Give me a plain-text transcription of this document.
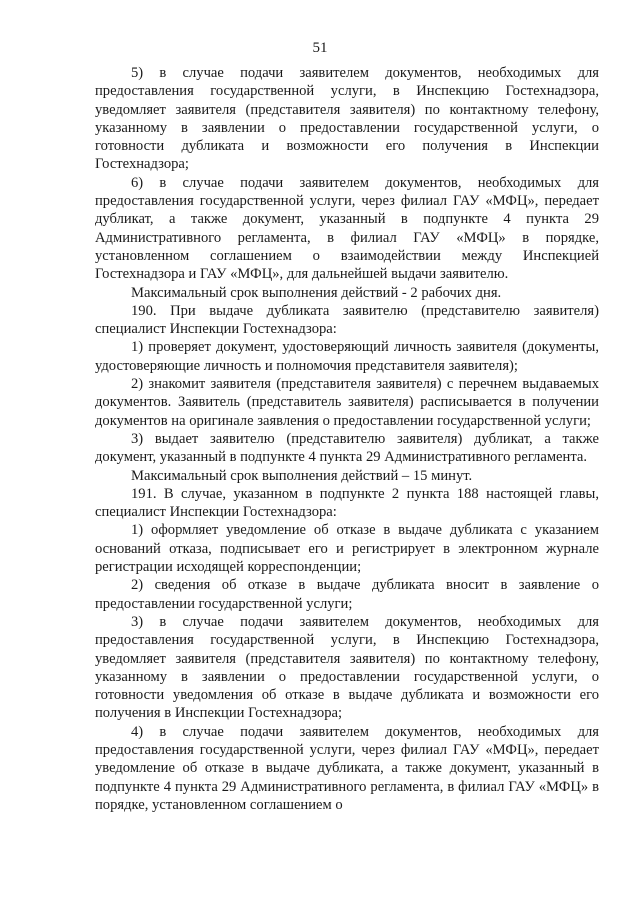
51

5) в случае подачи заявителем документов, необходимых для предоставления государственной услуги, в Инспекцию Гостехнадзора, уведомляет заявителя (представителя заявителя) по контактному телефону, указанному в заявлении о предоставлении государственной услуги, о готовности дубликата и возможности его получения в Инспекции Гостехнадзора;

6) в случае подачи заявителем документов, необходимых для предоставления государственной услуги, через филиал ГАУ «МФЦ», передает дубликат, а также документ, указанный в подпункте 4 пункта 29 Административного регламента, в филиал ГАУ «МФЦ» в порядке, установленном соглашением о взаимодействии между Инспекцией Гостехнадзора и ГАУ «МФЦ», для дальнейшей выдачи заявителю.

Максимальный срок выполнения действий - 2 рабочих дня.

190. При выдаче дубликата заявителю (представителю заявителя) специалист Инспекции Гостехнадзора:

1) проверяет документ, удостоверяющий личность заявителя (документы, удостоверяющие личность и полномочия представителя заявителя);

2) знакомит заявителя (представителя заявителя) с перечнем выдаваемых документов. Заявитель (представитель заявителя) расписывается в получении документов на оригинале заявления о предоставлении государственной услуги;

3) выдает заявителю (представителю заявителя) дубликат, а также документ, указанный в подпункте 4 пункта 29 Административного регламента.

Максимальный срок выполнения действий – 15 минут.

191. В случае, указанном в подпункте 2 пункта 188 настоящей главы, специалист Инспекции Гостехнадзора:

1) оформляет уведомление об отказе в выдаче дубликата с указанием оснований отказа, подписывает его и регистрирует в электронном журнале регистрации исходящей корреспонденции;

2) сведения об отказе в выдаче дубликата вносит в заявление о предоставлении государственной услуги;

3) в случае подачи заявителем документов, необходимых для предоставления государственной услуги, в Инспекцию Гостехнадзора, уведомляет заявителя (представителя заявителя) по контактному телефону, указанному в заявлении о предоставлении государственной услуги, о готовности уведомления об отказе в выдаче дубликата и возможности его получения в Инспекции Гостехнадзора;

4) в случае подачи заявителем документов, необходимых для предоставления государственной услуги, через филиал ГАУ «МФЦ», передает уведомление об отказе в выдаче дубликата, а также документ, указанный в подпункте 4 пункта 29 Административного регламента, в филиал ГАУ «МФЦ» в порядке, установленном соглашением о
